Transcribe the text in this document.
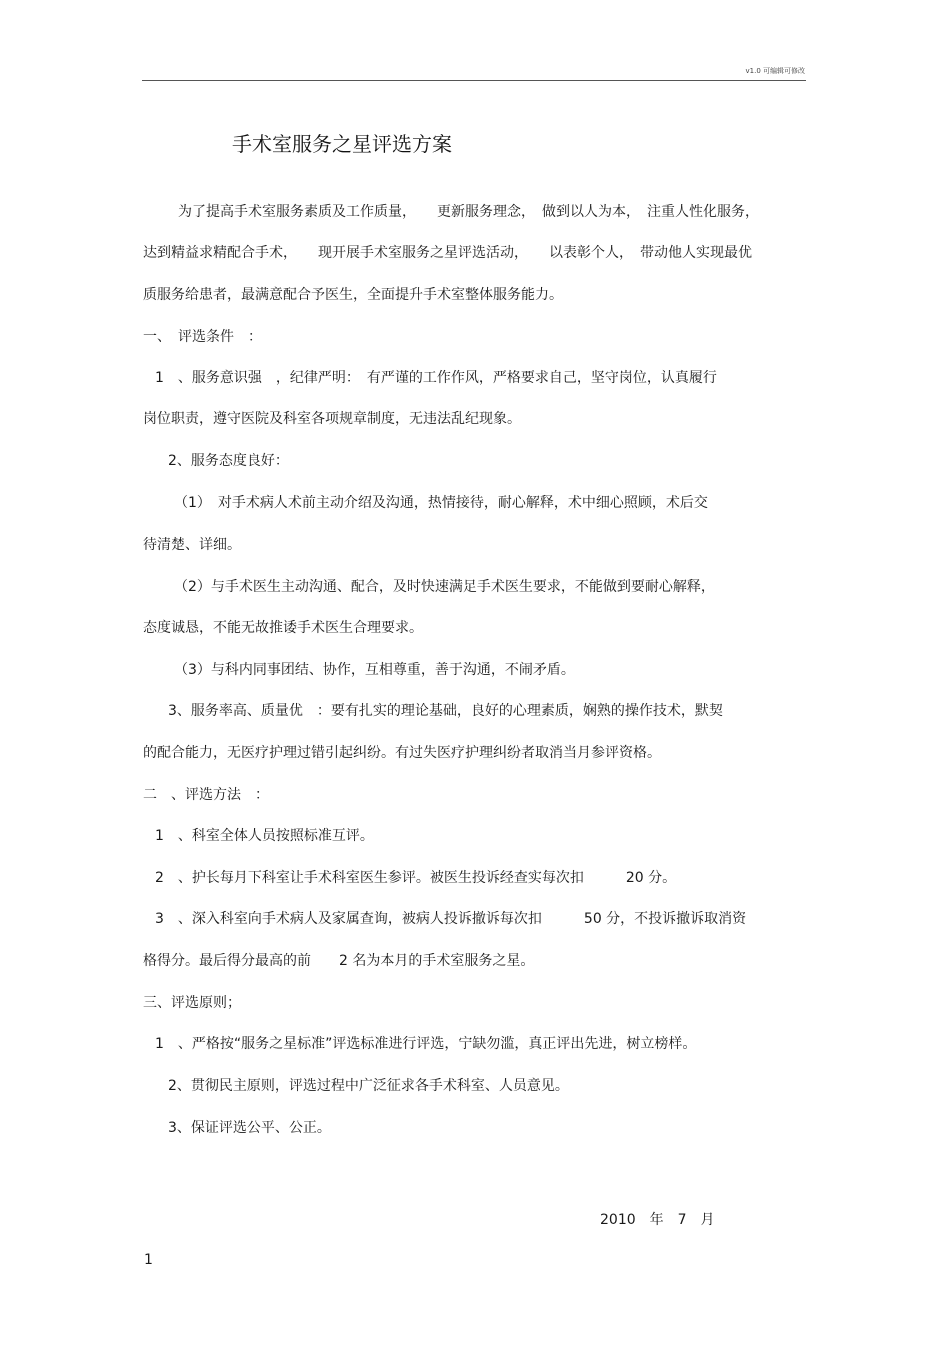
v1.0 可编辑可修改
手术室服务之星评选方案
为了提高手术室服务素质及工作质量，　　更新服务理念，　做到以人为本，　注重人性化服务，
达到精益求精配合手术，　　现开展手术室服务之星评选活动，　　以表彰个人，　带动他人实现最优
质服务给患者，最满意配合予医生，全面提升手术室整体服务能力。
一、　评选条件　：
1　、服务意识强　，纪律严明：　有严谨的工作作风，严格要求自己，坚守岗位，认真履行
岗位职责，遵守医院及科室各项规章制度，无违法乱纪现象。
2、服务态度良好：
（1）　对手术病人术前主动介绍及沟通，热情接待，耐心解释，术中细心照顾，术后交
待清楚、详细。
（2）与手术医生主动沟通、配合，及时快速满足手术医生要求，不能做到要耐心解释，
态度诚恳，不能无故推诿手术医生合理要求。
（3）与科内同事团结、协作，互相尊重，善于沟通，不闹矛盾。
3、服务率高、质量优　：要有扎实的理论基础，良好的心理素质，娴熟的操作技术，默契
的配合能力，无医疗护理过错引起纠纷。有过失医疗护理纠纷者取消当月参评资格。
二　、评选方法　：
1　、科室全体人员按照标准互评。
2　、护长每月下科室让手术科室医生参评。被医生投诉经查实每次扣　　　20 分。
3　、深入科室向手术病人及家属查询，被病人投诉撤诉每次扣　　　50 分，不投诉撤诉取消资
格得分。最后得分最高的前　　2 名为本月的手术室服务之星。
三、评选原则；
1　、严格按“服务之星标准”评选标准进行评选，宁缺勿滥，真正评出先进，树立榜样。
2、贯彻民主原则，评选过程中广泛征求各手术科室、人员意见。
3、保证评选公平、公正。
2010　年　7　月
1
